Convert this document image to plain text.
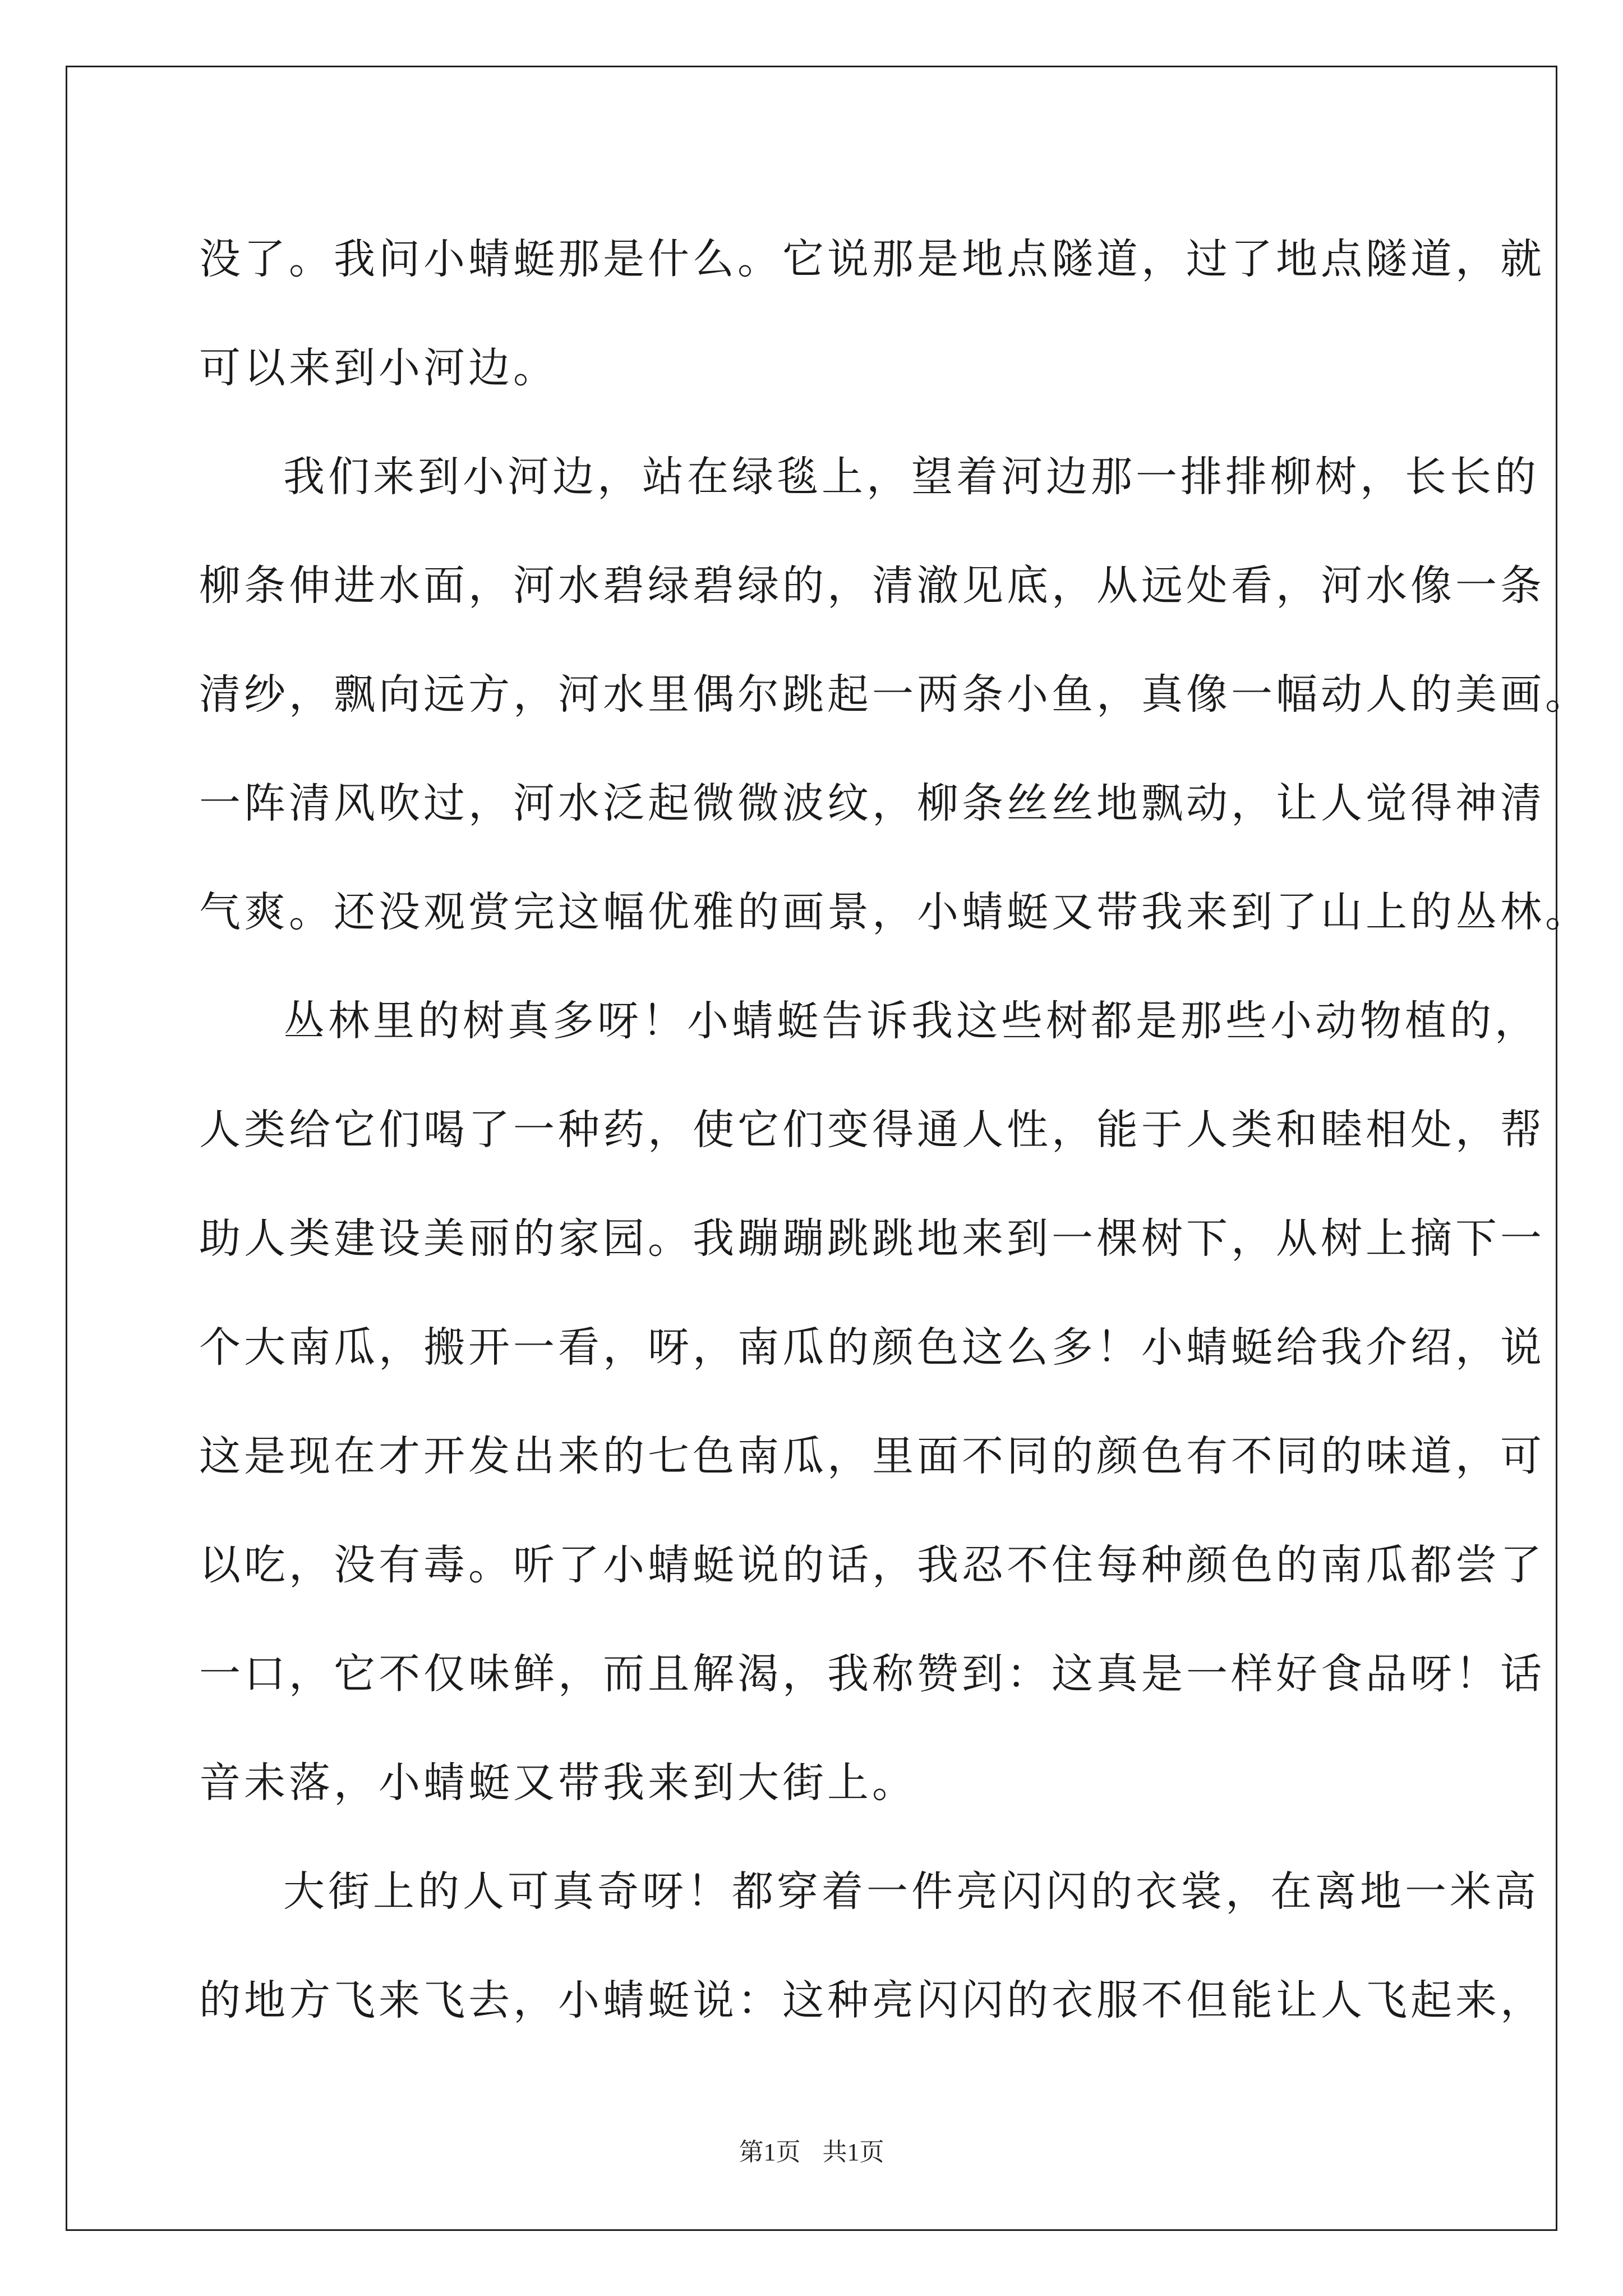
没了。我问小蜻蜓那是什么。它说那是地点隧道，过了地点隧道，就
可以来到小河边。
我们来到小河边，站在绿毯上，望着河边那一排排柳树，长长的
柳条伸进水面，河水碧绿碧绿的，清澈见底，从远处看，河水像一条
清纱，飘向远方，河水里偶尔跳起一两条小鱼，真像一幅动人的美画。
一阵清风吹过，河水泛起微微波纹，柳条丝丝地飘动，让人觉得神清
气爽。还没观赏完这幅优雅的画景，小蜻蜓又带我来到了山上的丛林。
丛林里的树真多呀！小蜻蜓告诉我这些树都是那些小动物植的，
人类给它们喝了一种药，使它们变得通人性，能于人类和睦相处，帮
助人类建设美丽的家园。我蹦蹦跳跳地来到一棵树下，从树上摘下一
个大南瓜，搬开一看，呀，南瓜的颜色这么多！小蜻蜓给我介绍，说
这是现在才开发出来的七色南瓜，里面不同的颜色有不同的味道，可
以吃，没有毒。听了小蜻蜓说的话，我忍不住每种颜色的南瓜都尝了
一口，它不仅味鲜，而且解渴，我称赞到：这真是一样好食品呀！话
音未落，小蜻蜓又带我来到大街上。
大街上的人可真奇呀！都穿着一件亮闪闪的衣裳，在离地一米高
的地方飞来飞去，小蜻蜓说：这种亮闪闪的衣服不但能让人飞起来，
第1页 共1页
